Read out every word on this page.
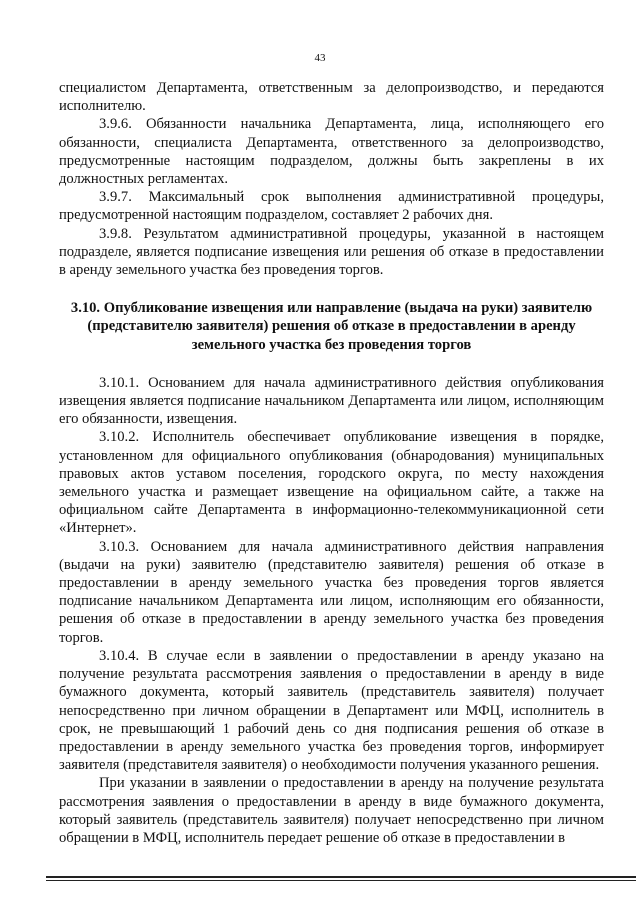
43

специалистом Департамента, ответственным за делопроизводство, и передаются исполнителю.

3.9.6. Обязанности начальника Департамента, лица, исполняющего его обязанности, специалиста Департамента, ответственного за делопроизводство, предусмотренные настоящим подразделом, должны быть закреплены в их должностных регламентах.

3.9.7. Максимальный срок выполнения административной процедуры, предусмотренной настоящим подразделом, составляет 2 рабочих дня.

3.9.8. Результатом административной процедуры, указанной в настоящем подразделе, является подписание извещения или решения об отказе в предоставлении в аренду земельного участка без проведения торгов.

3.10. Опубликование извещения или направление (выдача на руки) заявителю (представителю заявителя) решения об отказе в предоставлении в аренду земельного участка без проведения торгов

3.10.1. Основанием для начала административного действия опубликования извещения является подписание начальником Департамента или лицом, исполняющим его обязанности, извещения.

3.10.2. Исполнитель обеспечивает опубликование извещения в порядке, установленном для официального опубликования (обнародования) муниципальных правовых актов уставом поселения, городского округа, по месту нахождения земельного участка и размещает извещение на официальном сайте, а также на официальном сайте Департамента в информационно-телекоммуникационной сети «Интернет».

3.10.3. Основанием для начала административного действия направления (выдачи на руки) заявителю (представителю заявителя) решения об отказе в предоставлении в аренду земельного участка без проведения торгов является подписание начальником Департамента или лицом, исполняющим его обязанности, решения об отказе в предоставлении в аренду земельного участка без проведения торгов.

3.10.4. В случае если в заявлении о предоставлении в аренду указано на получение результата рассмотрения заявления о предоставлении в аренду в виде бумажного документа, который заявитель (представитель заявителя) получает непосредственно при личном обращении в Департамент или МФЦ, исполнитель в срок, не превышающий 1 рабочий день со дня подписания решения об отказе в предоставлении в аренду земельного участка без проведения торгов, информирует заявителя (представителя заявителя) о необходимости получения указанного решения.

При указании в заявлении о предоставлении в аренду на получение результата рассмотрения заявления о предоставлении в аренду в виде бумажного документа, который заявитель (представитель заявителя) получает непосредственно при личном обращении в МФЦ, исполнитель передает решение об отказе в предоставлении в
